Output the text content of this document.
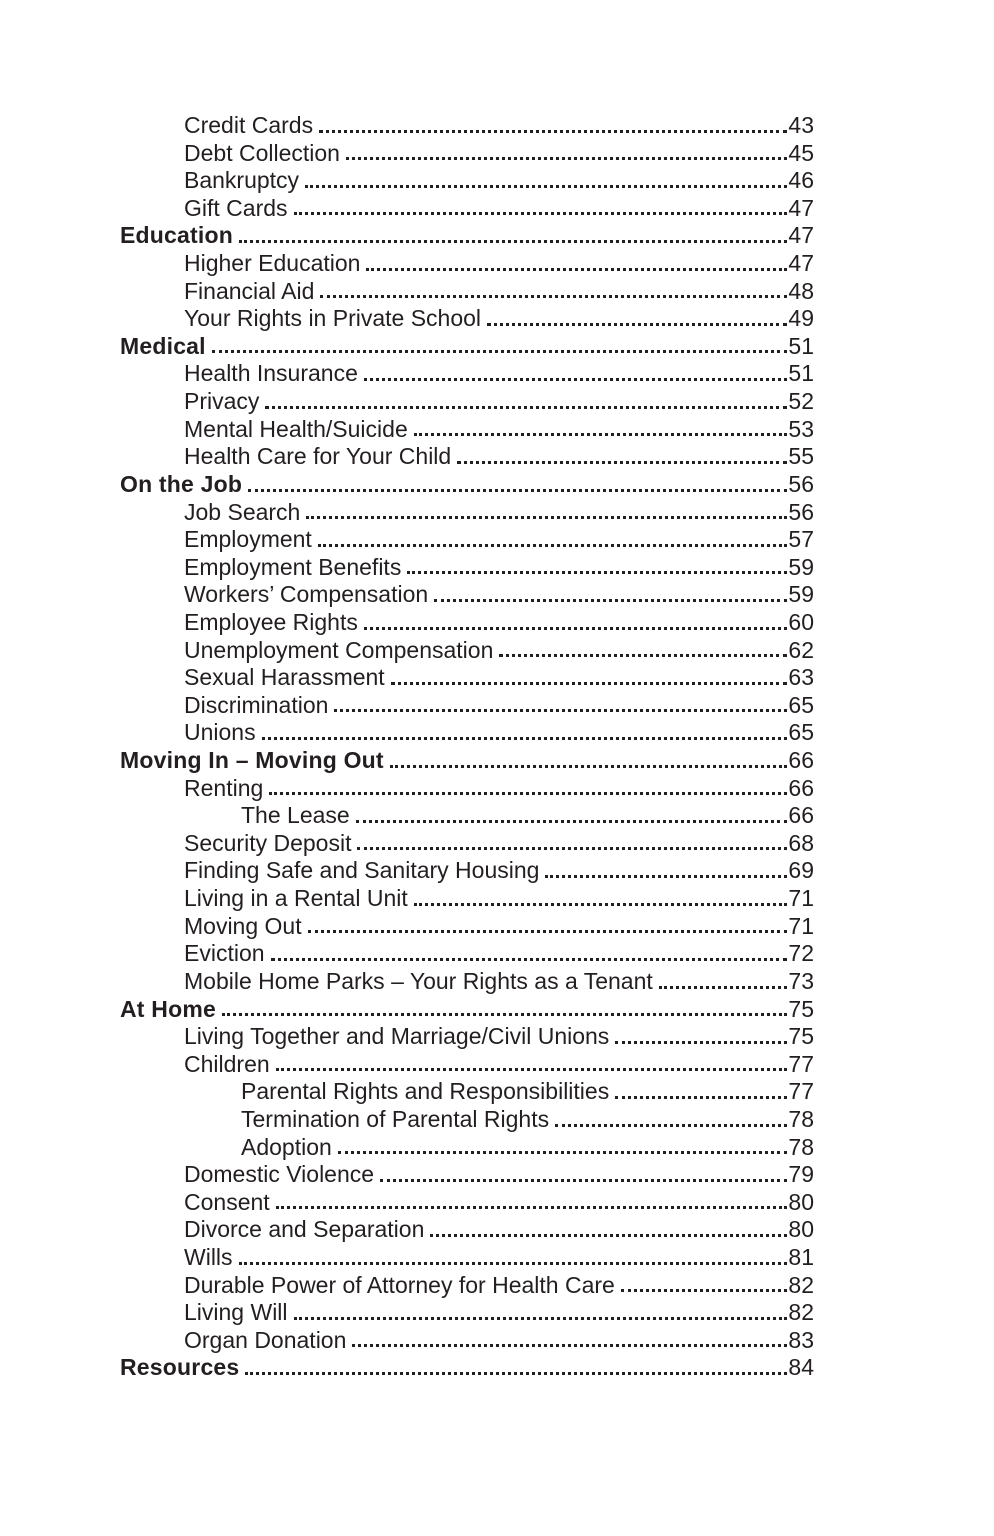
Credit Cards	43
Debt Collection	45
Bankruptcy	46
Gift Cards	47
Education	47
Higher Education	47
Financial Aid	48
Your Rights in Private School	49
Medical	51
Health Insurance	51
Privacy	52
Mental Health/Suicide	53
Health Care for Your Child	55
On the Job	56
Job Search	56
Employment	57
Employment Benefits	59
Workers’ Compensation	59
Employee Rights	60
Unemployment Compensation	62
Sexual Harassment	63
Discrimination	65
Unions	65
Moving In – Moving Out	66
Renting	66
The Lease	66
Security Deposit	68
Finding Safe and Sanitary Housing	69
Living in a Rental Unit	71
Moving Out	71
Eviction	72
Mobile Home Parks – Your Rights as a Tenant	73
At Home	75
Living Together and Marriage/Civil Unions	75
Children	77
Parental Rights and Responsibilities	77
Termination of Parental Rights	78
Adoption	78
Domestic Violence	79
Consent	80
Divorce and Separation	80
Wills	81
Durable Power of Attorney for Health Care	82
Living Will	82
Organ Donation	83
Resources	84
